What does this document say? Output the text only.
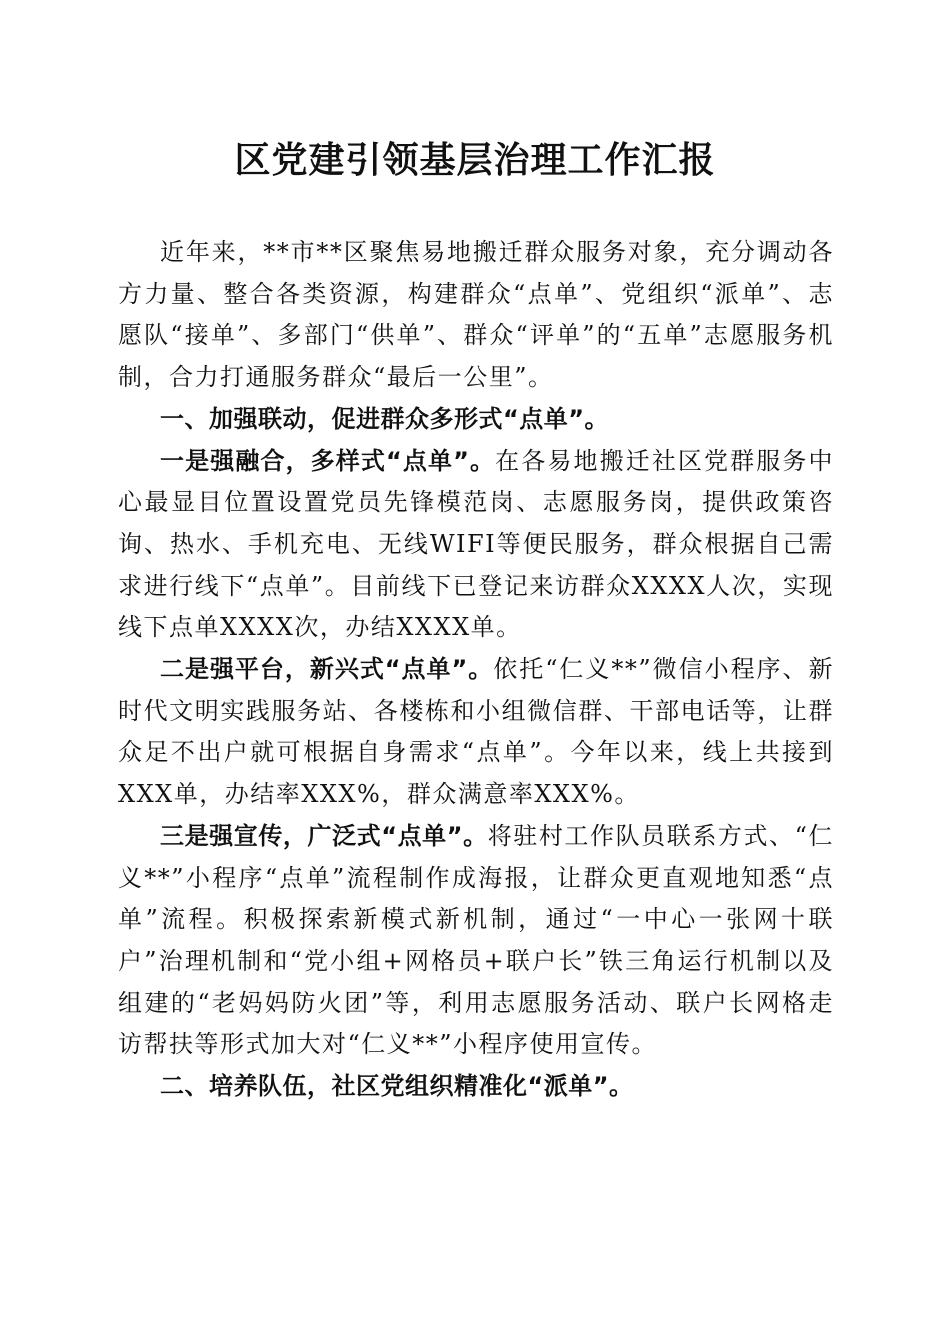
区党建引领基层治理工作汇报

近年来，**市**区聚焦易地搬迁群众服务对象，充分调动各方力量、整合各类资源，构建群众“点单”、党组织“派单”、志愿队“接单”、多部门“供单”、群众“评单”的“五单”志愿服务机制，合力打通服务群众“最后一公里”。

一、加强联动，促进群众多形式“点单”。

一是强融合，多样式“点单”。在各易地搬迁社区党群服务中心最显目位置设置党员先锋模范岗、志愿服务岗，提供政策咨询、热水、手机充电、无线WIFI等便民服务，群众根据自己需求进行线下“点单”。目前线下已登记来访群众XXXX人次，实现线下点单XXXX次，办结XXXX单。

二是强平台，新兴式“点单”。依托“仁义**”微信小程序、新时代文明实践服务站、各楼栋和小组微信群、干部电话等，让群众足不出户就可根据自身需求“点单”。今年以来，线上共接到XXX单，办结率XXX%，群众满意率XXX%。

三是强宣传，广泛式“点单”。将驻村工作队员联系方式、“仁义**”小程序“点单”流程制作成海报，让群众更直观地知悉“点单”流程。积极探索新模式新机制，通过“一中心一张网十联户”治理机制和“党小组+网格员+联户长”铁三角运行机制以及组建的“老妈妈防火团”等，利用志愿服务活动、联户长网格走访帮扶等形式加大对“仁义**”小程序使用宣传。

二、培养队伍，社区党组织精准化“派单”。
